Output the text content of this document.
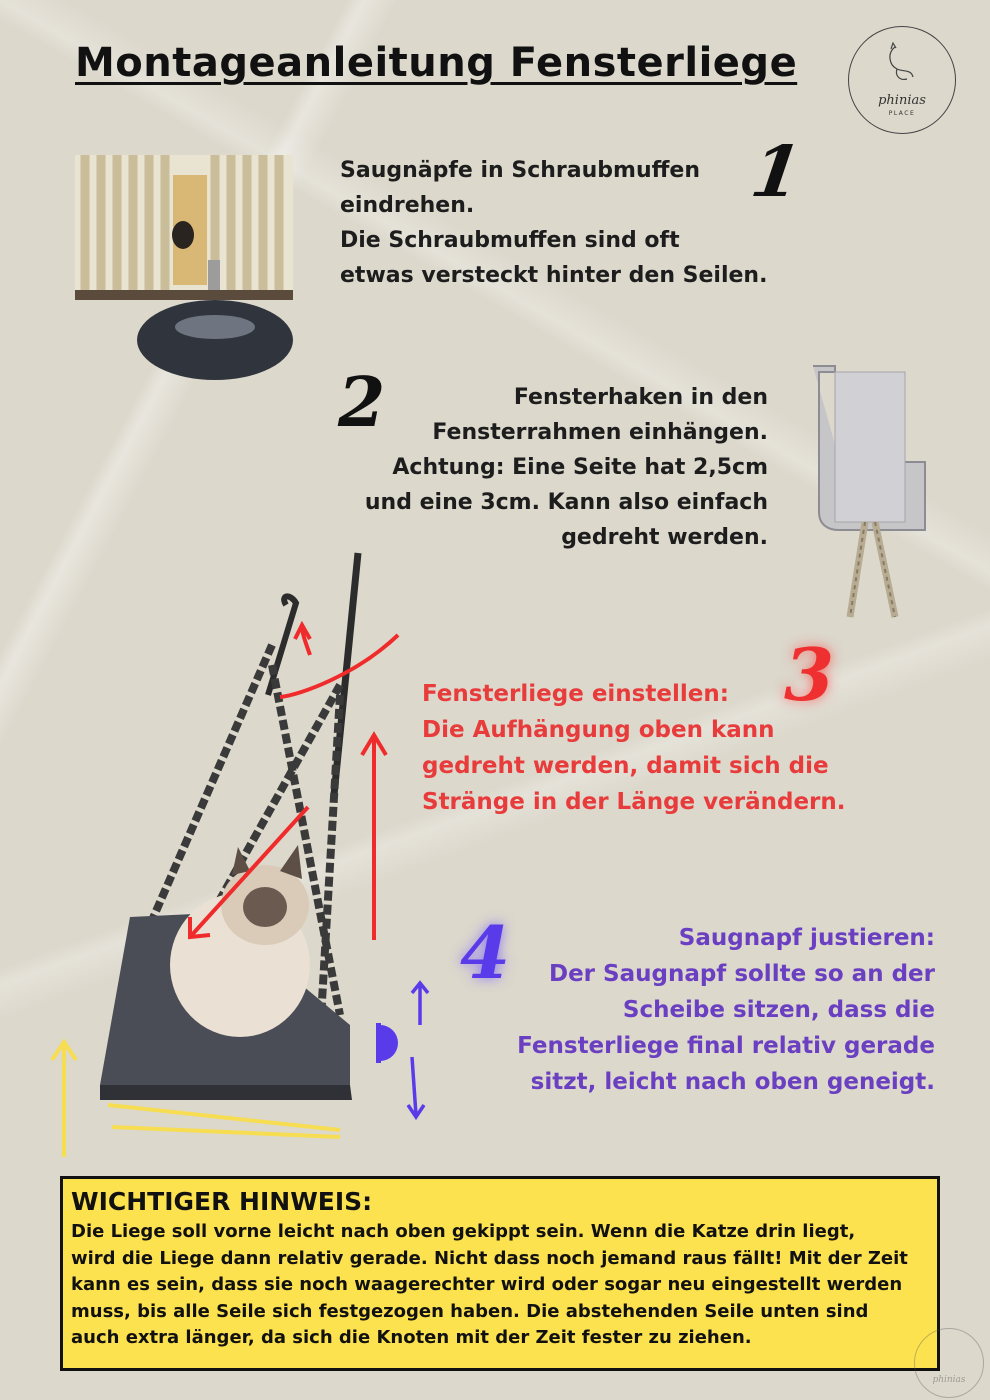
Montageanleitung Fensterliege
phinias
PLACE
1
Saugnäpfe in Schraubmuffen
eindrehen.
Die Schraubmuffen sind oft
etwas versteckt hinter den Seilen.
2	Fensterhaken in den
Fensterrahmen einhängen.
Achtung: Eine Seite hat 2,5cm
und eine 3cm. Kann also einfach
gedreht werden.
3
Fensterliege einstellen:
Die Aufhängung oben kann
gedreht werden, damit sich die
Stränge in der Länge verändern.
4	Saugnapf justieren:
Der Saugnapf sollte so an der
Scheibe sitzen, dass die
Fensterliege final relativ gerade
sitzt, leicht nach oben geneigt.
WICHTIGER HINWEIS:
Die Liege soll vorne leicht nach oben gekippt sein. Wenn die Katze drin liegt,
wird die Liege dann relativ gerade. Nicht dass noch jemand raus fällt! Mit der Zeit
kann es sein, dass sie noch waagerechter wird oder sogar neu eingestellt werden
muss, bis alle Seile sich festgezogen haben. Die abstehenden Seile unten sind
auch extra länger, da sich die Knoten mit der Zeit fester zu ziehen.
phinias
